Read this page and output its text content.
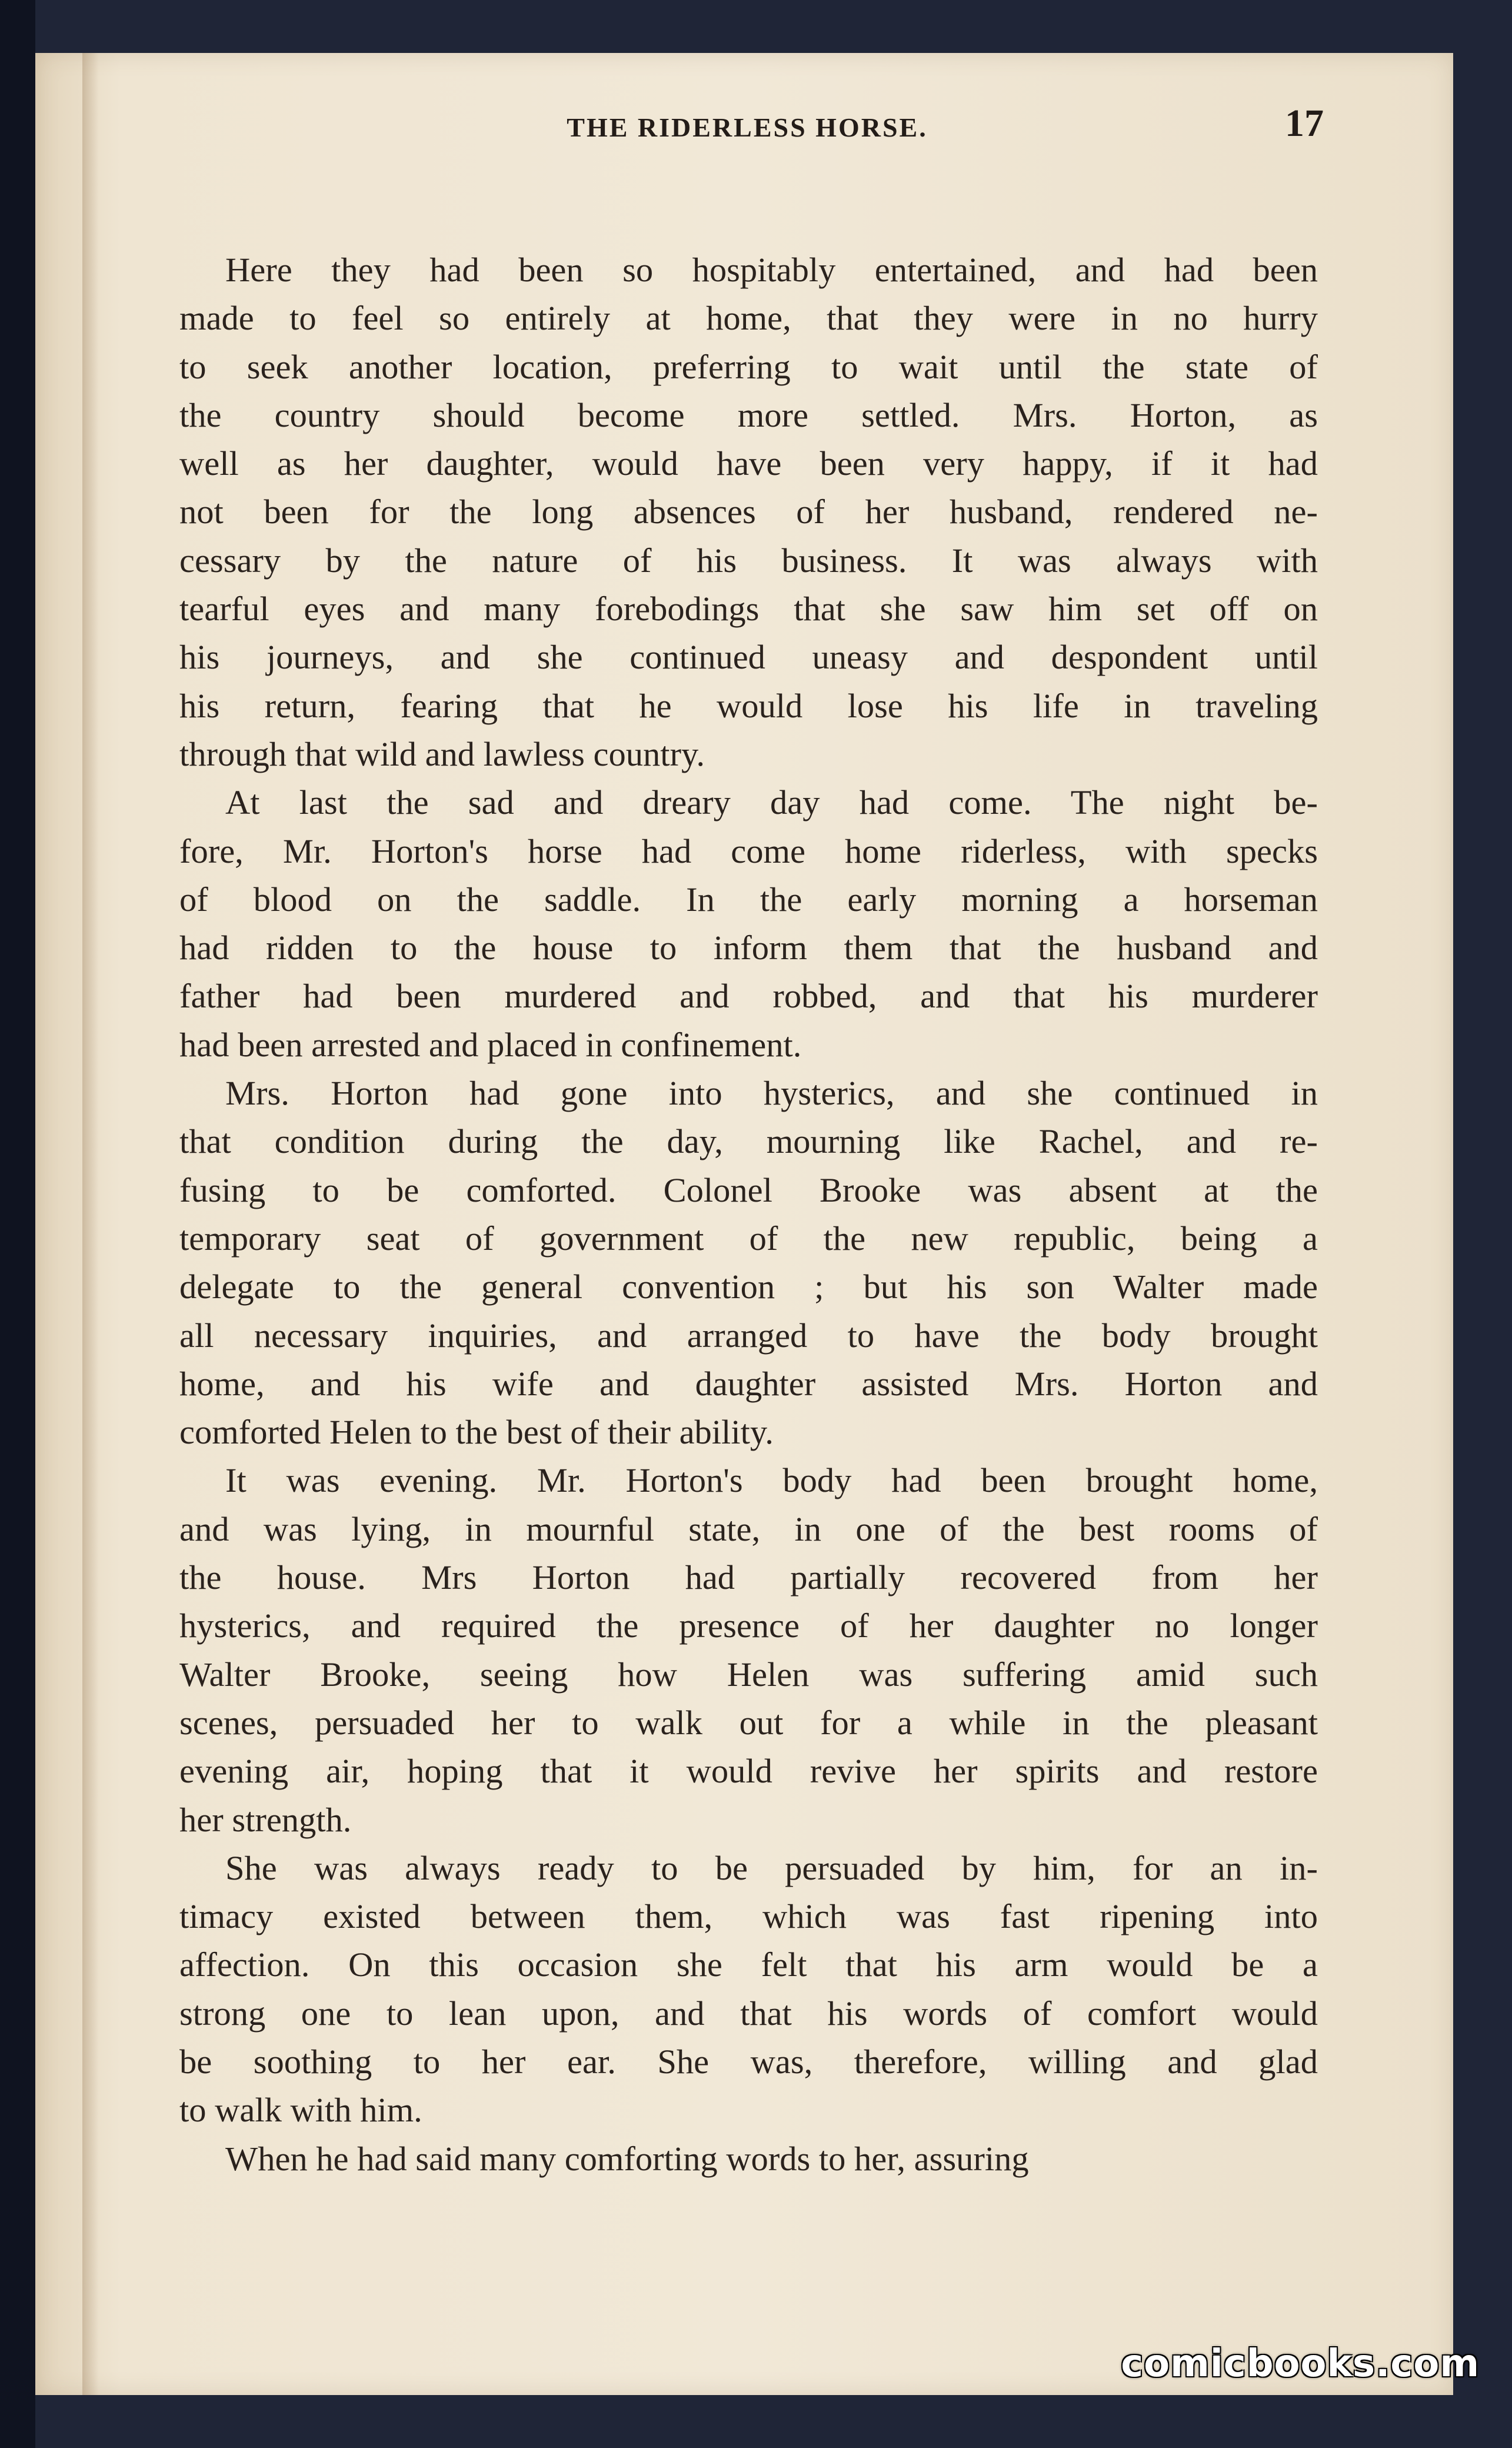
THE RIDERLESS HORSE.	17

Here they had been so hospitably entertained, and had been
made to feel so entirely at home, that they were in no hurry
to seek another location, preferring to wait until the state of
the country should become more settled. Mrs. Horton, as
well as her daughter, would have been very happy, if it had
not been for the long absences of her husband, rendered ne-
cessary by the nature of his business. It was always with
tearful eyes and many forebodings that she saw him set off on
his journeys, and she continued uneasy and despondent until
his return, fearing that he would lose his life in traveling
through that wild and lawless country.

At last the sad and dreary day had come. The night be-
fore, Mr. Horton's horse had come home riderless, with specks
of blood on the saddle. In the early morning a horseman
had ridden to the house to inform them that the husband and
father had been murdered and robbed, and that his murderer
had been arrested and placed in confinement.

Mrs. Horton had gone into hysterics, and she continued in
that condition during the day, mourning like Rachel, and re-
fusing to be comforted. Colonel Brooke was absent at the
temporary seat of government of the new republic, being a
delegate to the general convention ; but his son Walter made
all necessary inquiries, and arranged to have the body brought
home, and his wife and daughter assisted Mrs. Horton and
comforted Helen to the best of their ability.

It was evening. Mr. Horton's body had been brought home,
and was lying, in mournful state, in one of the best rooms of
the house. Mrs Horton had partially recovered from her
hysterics, and required the presence of her daughter no longer
Walter Brooke, seeing how Helen was suffering amid such
scenes, persuaded her to walk out for a while in the pleasant
evening air, hoping that it would revive her spirits and restore
her strength.

She was always ready to be persuaded by him, for an in-
timacy existed between them, which was fast ripening into
affection. On this occasion she felt that his arm would be a
strong one to lean upon, and that his words of comfort would
be soothing to her ear. She was, therefore, willing and glad
to walk with him.

When he had said many comforting words to her, assuring

comicbooks.com
